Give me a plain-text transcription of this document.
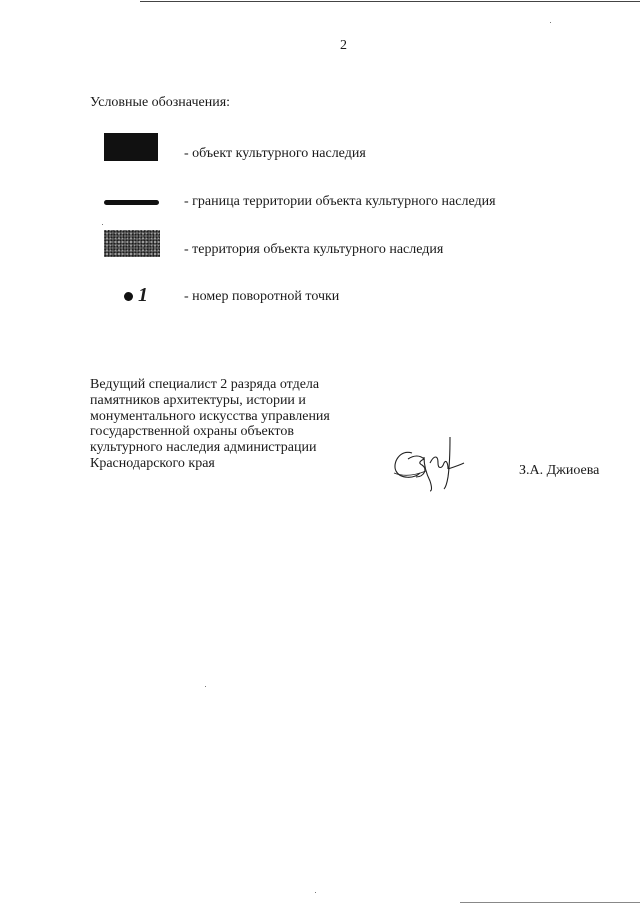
2
Условные обозначения:
- объект культурного наследия
- граница территории объекта культурного наследия
- территория объекта культурного наследия
1	- номер поворотной точки
Ведущий специалист 2 разряда отдела
памятников архитектуры, истории и
монументального искусства управления
государственной охраны объектов
культурного наследия администрации
Краснодарского края	З.А. Джиоева
